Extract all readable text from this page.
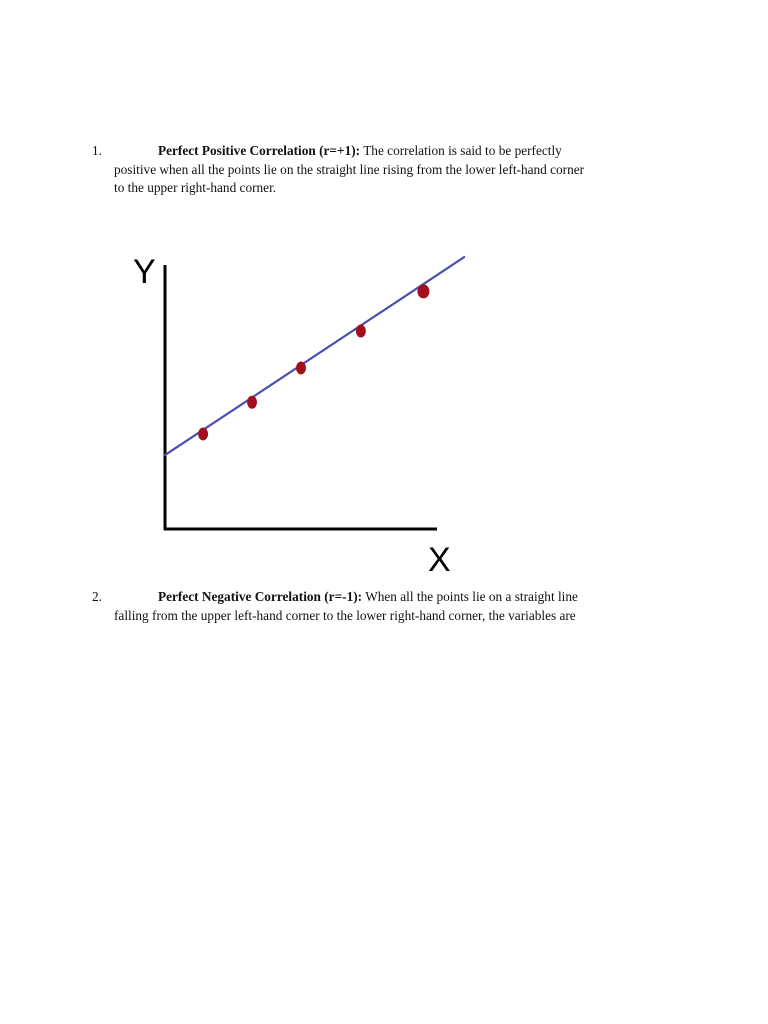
1.	Perfect Positive Correlation (r=+1): The correlation is said to be perfectly
positive when all the points lie on the straight line rising from the lower left-hand corner
to the upper right-hand corner.
Y
X
2.	Perfect Negative Correlation (r=-1): When all the points lie on a straight line
falling from the upper left-hand corner to the lower right-hand corner, the variables are
